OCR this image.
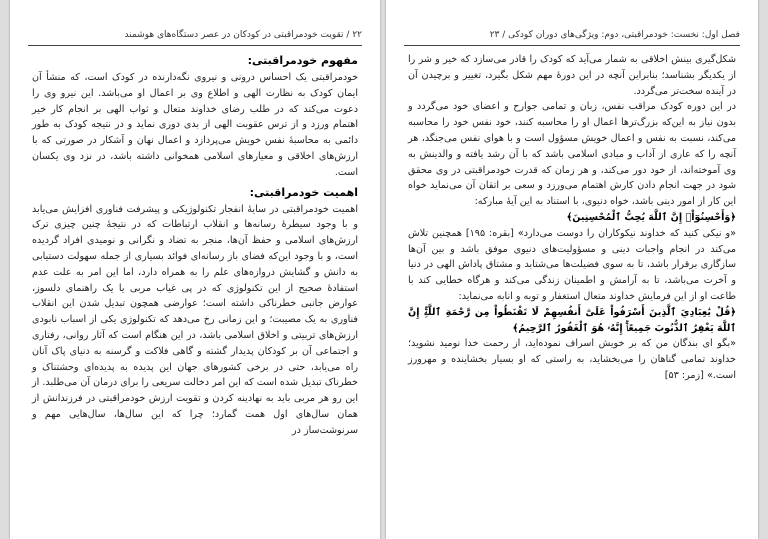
۲۲ / تقویت خودمراقبتی در کودکان در عصر دستگاه‌های هوشمند
مفهوم خودمراقبتی:

خودمراقبتی یک احساس درونی و نیروی نگه‌دارنده در کودک است، که منشأ آن ایمان کودک به نظارت الهی و اطلاع وی بر اعمال او می‌باشد. این نیرو وی را دعوت می‌کند که در طلب رضای خداوند متعال و ثواب الهی بر انجام کار خیر اهتمام ورزد و از ترس عقوبت الهی از بدی دوری نماید و در نتیجه کودک به طور دائمی به محاسبۀ نفس خویش می‌پردازد و اعمال نهان و آشکار در صورتی که با ارزش‌های اخلاقی و معیارهای اسلامی همخوانی داشته باشد، در نزد وی یکسان است.

اهمیت خودمراقبتی:

اهمیت خودمراقبتی در سایۀ انفجار تکنولوژیکی و پیشرفت فناوری افزایش می‌یابد و با وجود سیطرۀ رسانه‌ها و انقلاب ارتباطات که در نتیجۀ چنین چیزی ترک ارزش‌های اسلامی و حفظ آن‌ها، منجر به تضاد و نگرانی و نومیدی افراد گردیده است، و با وجود این‌که فضای باز رسانه‌ای فوائد بسیاری از جمله سهولت دستیابی به دانش و گشایش دروازه‌های علم را به همراه دارد، اما این امر به علت عدم استفادۀ صحیح از این تکنولوژی که در پی غیاب مربی یا یک راهنمای دلسوز، عوارض جانبی خطرناکی داشته است؛ عوارضی همچون تبدیل شدن این انقلاب فناوری به یک مصیبت؛ و این زمانی رخ می‌دهد که تکنولوژی یکی از اسباب نابودی ارزش‌های تربیتی و اخلاق اسلامی باشد، در این هنگام است که آثار روانی، رفتاری و اجتماعی آن بر کودکان پدیدار گشته و گاهی فلاکت و گرسنه به دنیای پاک آنان راه می‌یابد، حتی در برخی کشورهای جهان این پدیده به پدیده‌ای وحشتناک و خطرناک تبدیل شده است که این امر دخالت سریعی را برای درمان آن می‌طلبد. از این رو هر مربی باید به نهادینه کردن و تقویت ارزش خودمراقبتی در فرزندانش از همان سال‌های اول همت گمارد؛ چرا که این سال‌ها، سال‌هایی مهم و سرنوشت‌ساز در

فصل اول: نخست: خودمراقبتی، دوم: ویژگی‌های دوران کودکی / ۲۳

شکل‌گیری بینش اخلاقی به شمار می‌آید که کودک را قادر می‌سازد که خیر و شر را از یکدیگر بشناسد؛ بنابراین آنچه در این دورۀ مهم شکل بگیرد، تغییر و برچیدن آن در آینده سخت‌تر می‌گردد.

در این دوره کودک مراقب نفس، زبان و تمامی جوارح و اعضای خود می‌گردد و بدون نیاز به این‌که بزرگ‌ترها اعمال او را محاسبه کنند، خود نفس خود را محاسبه می‌کند، نسبت به نفس و اعمال خویش مسؤول است و با هوای نفس می‌جنگد، هر آنچه را که عاری از آداب و مبادی اسلامی باشد که با آن رشد یافته و والدینش به وی آموخته‌اند، از خود دور می‌کند، و هر زمان که قدرت خودمراقبتی در وی محقق شود در جهت انجام دادن کارش اهتمام می‌ورزد و سعی بر اتقان آن می‌نماید خواه این کار از امور دینی باشد، خواه دنیوی، با استناد به این آیۀ مبارکه:

﴿وَأَحْسِنُوٓاْۚ إِنَّ ٱللَّهَ يُحِبُّ ٱلْمُحْسِنِينَ﴾

«و نیکی کنید که خداوند نیکوکاران را دوست می‌دارد» [بقره: ۱۹۵] همچنین تلاش می‌کند در انجام واجبات دینی و مسؤولیت‌های دنیوی موفق باشد و بین آن‌ها سازگاری برقرار باشد، تا به سوی فضیلت‌ها می‌شتابد و مشتاق پاداش الهی در دنیا و آخرت می‌باشد، تا به آرامش و اطمینان زندگی می‌کند و هرگاه خطایی کند با طاعت او از این فرمایش خداوند متعال استغفار و توبه و انابه می‌نماید:

﴿قُلْ يَٰعِبَادِيَ ٱلَّذِينَ أَسْرَفُواْ عَلَىٰٓ أَنفُسِهِمْ لَا تَقْنَطُواْ مِن رَّحْمَةِ ٱللَّهِۚ إِنَّ ٱللَّهَ يَغْفِرُ ٱلذُّنُوبَ جَمِيعًاۚ إِنَّهُۥ هُوَ ٱلْغَفُورُ ٱلرَّحِيمُ﴾

«بگو ای بندگان من که بر خویش اسراف نموده‌اید، از رحمت خدا نومید نشوید؛ خداوند تمامی گناهان را می‌بخشاید، به راستی که او بسیار بخشاینده و مهرورز است.» [زمر: ۵۳]
